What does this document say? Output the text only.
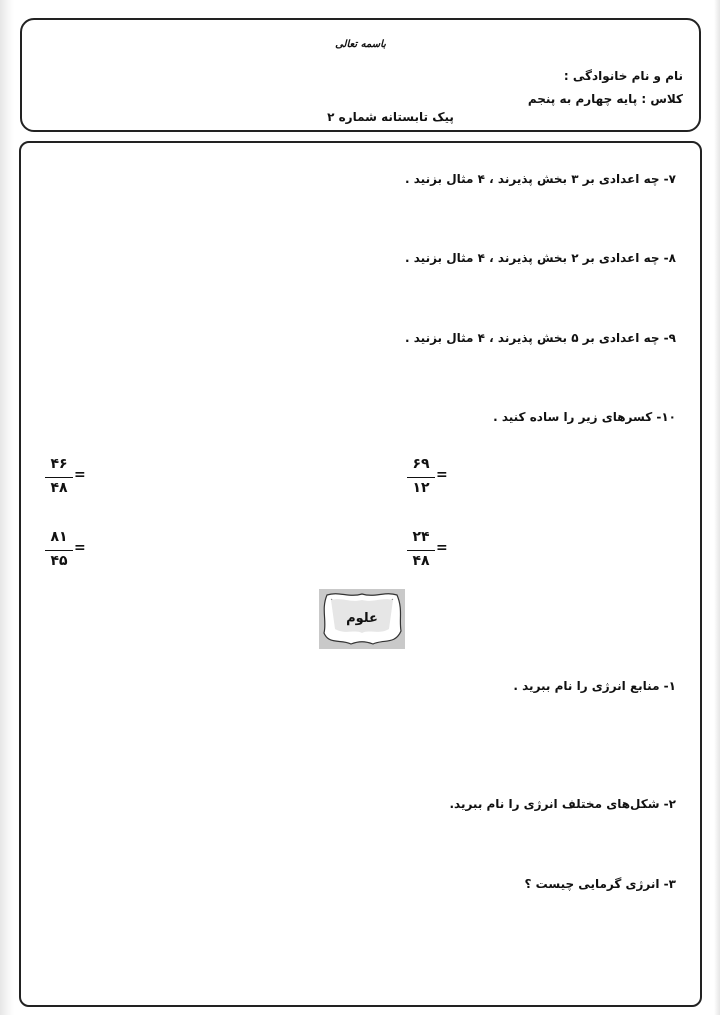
باسمه تعالی
نام و نام خانوادگی :
کلاس : پایه چهارم به پنجم
پیک تابستانه شماره ۲
۷- چه اعدادی بر ۳ بخش پذیرند ، ۴ مثال بزنید .
۸- چه اعدادی بر ۲ بخش پذیرند ، ۴ مثال بزنید .
۹- چه اعدادی بر ۵ بخش پذیرند ، ۴ مثال بزنید .
۱۰- کسرهای زیر را ساده کنید .
۶۹
۱۲
=
۴۶
۴۸
=
۲۴
۴۸
=
۸۱
۴۵
=
۱- منابع انرژی را نام ببرید .
۲- شکل‌های مختلف انرژی را نام ببرید.
۳- انرژی گرمایی چیست ؟
علوم
